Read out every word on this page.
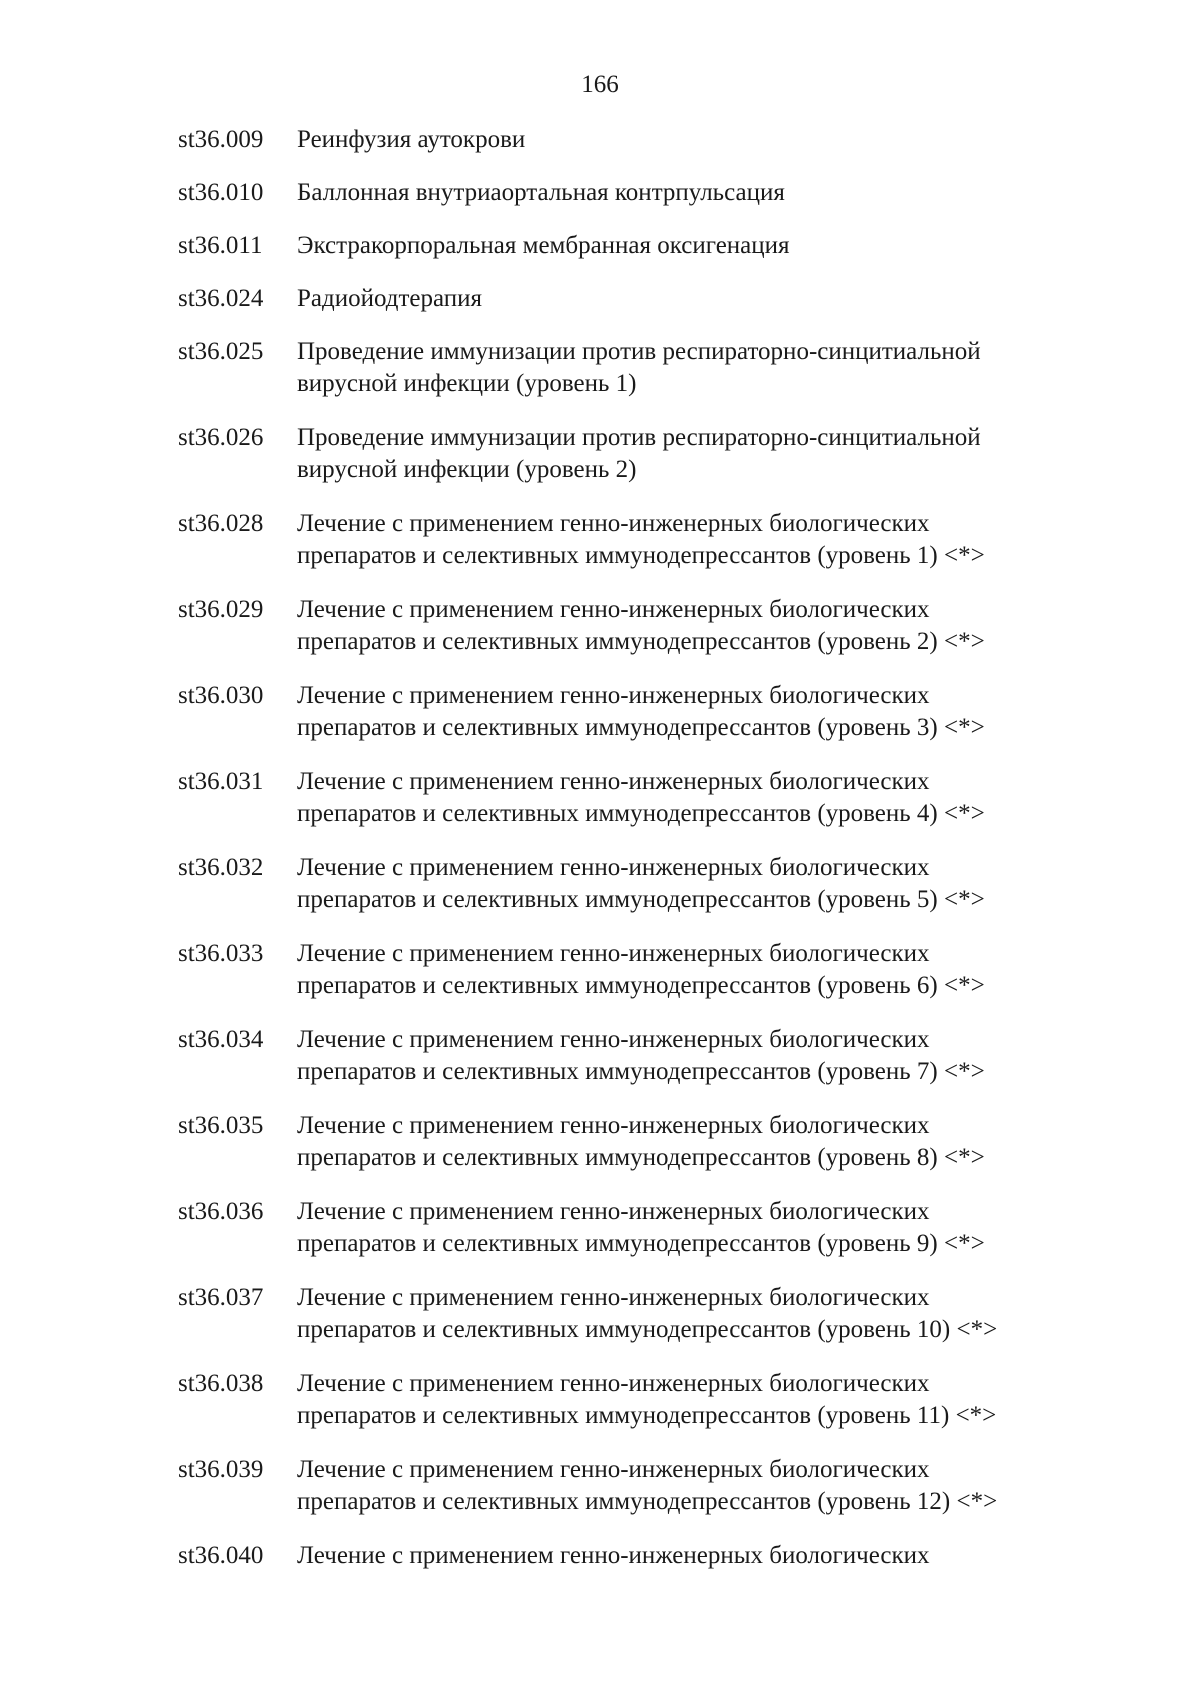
166
st36.009	Реинфузия аутокрови
st36.010	Баллонная внутриаортальная контрпульсация
st36.011	Экстракорпоральная мембранная оксигенация
st36.024	Радиойодтерапия
st36.025	Проведение иммунизации против респираторно-синцитиальной
вирусной инфекции (уровень 1)
st36.026	Проведение иммунизации против респираторно-синцитиальной
вирусной инфекции (уровень 2)
st36.028	Лечение с применением генно-инженерных биологических
препаратов и селективных иммунодепрессантов (уровень 1) <*>
st36.029	Лечение с применением генно-инженерных биологических
препаратов и селективных иммунодепрессантов (уровень 2) <*>
st36.030	Лечение с применением генно-инженерных биологических
препаратов и селективных иммунодепрессантов (уровень 3) <*>
st36.031	Лечение с применением генно-инженерных биологических
препаратов и селективных иммунодепрессантов (уровень 4) <*>
st36.032	Лечение с применением генно-инженерных биологических
препаратов и селективных иммунодепрессантов (уровень 5) <*>
st36.033	Лечение с применением генно-инженерных биологических
препаратов и селективных иммунодепрессантов (уровень 6) <*>
st36.034	Лечение с применением генно-инженерных биологических
препаратов и селективных иммунодепрессантов (уровень 7) <*>
st36.035	Лечение с применением генно-инженерных биологических
препаратов и селективных иммунодепрессантов (уровень 8) <*>
st36.036	Лечение с применением генно-инженерных биологических
препаратов и селективных иммунодепрессантов (уровень 9) <*>
st36.037	Лечение с применением генно-инженерных биологических
препаратов и селективных иммунодепрессантов (уровень 10) <*>
st36.038	Лечение с применением генно-инженерных биологических
препаратов и селективных иммунодепрессантов (уровень 11) <*>
st36.039	Лечение с применением генно-инженерных биологических
препаратов и селективных иммунодепрессантов (уровень 12) <*>
st36.040	Лечение с применением генно-инженерных биологических
